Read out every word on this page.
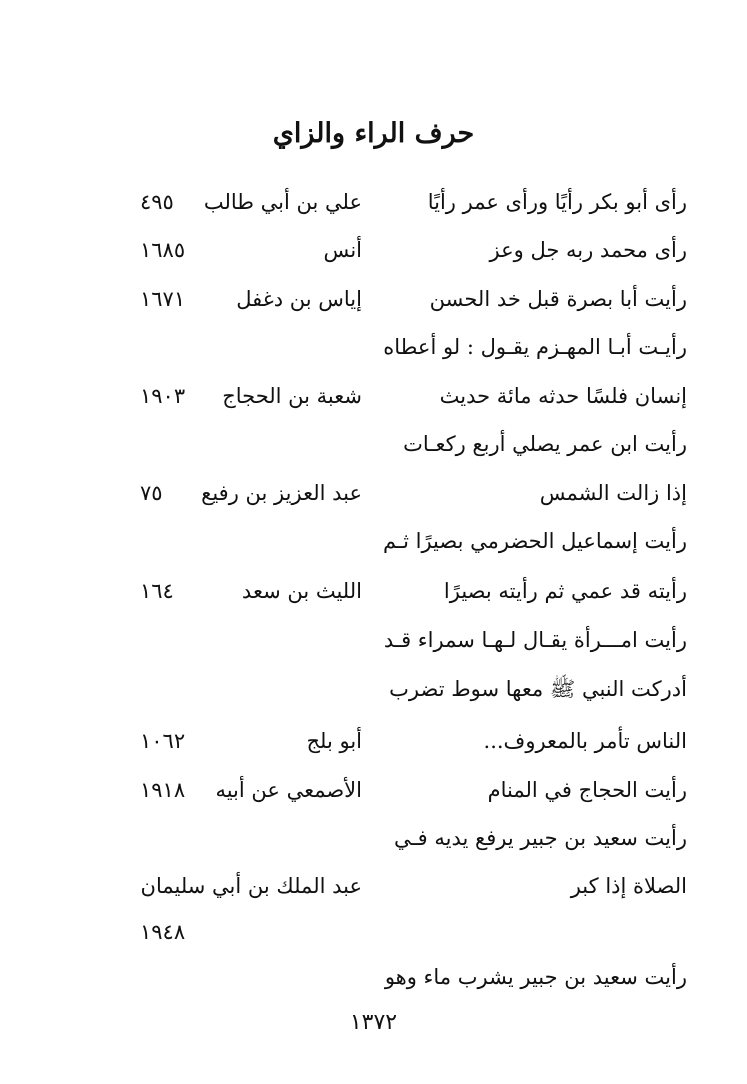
حرف الراء والزاي
رأى أبو بكر رأيًا ورأى عمر رأيًا
علي بن أبي طالب
٤٩٥
رأى محمد ربه جل وعز
أنس
١٦٨٥
رأيت أبا بصرة قبل خد الحسن
إياس بن دغفل
١٦٧١
رأيـت أبـا المهـزم يقـول : لو أعطاه
إنسان فلسًا حدثه مائة حديث
شعبة بن الحجاج
١٩٠٣
رأيت ابن عمر يصلي أربع ركعـات
إذا زالت الشمس
عبد العزيز بن رفيع
٧٥
رأيت إسماعيل الحضرمي بصيرًا ثـم
رأيته قد عمي ثم رأيته بصيرًا
الليث بن سعد
١٦٤
رأيت امـــرأة يقـال لـهـا سمراء قـد
أدركت النبي ﷺ معها سوط تضرب
الناس تأمر بالمعروف...
أبو بلج
١٠٦٢
رأيت الحجاج في المنام
الأصمعي عن أبيه
١٩١٨
رأيت سعيد بن جبير يرفع يديه فـي
الصلاة إذا كبر
عبد الملك بن أبي سليمان
١٩٤٨
رأيت سعيد بن جبير يشرب ماء وهو
١٣٧٢
